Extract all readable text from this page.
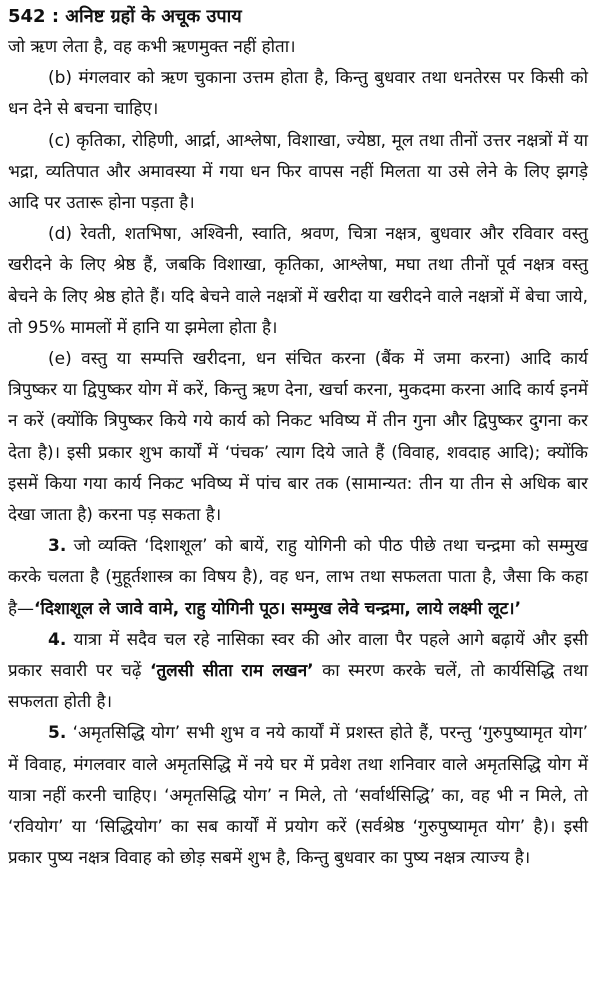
542 : अनिष्ट ग्रहों के अचूक उपाय

जो ऋण लेता है, वह कभी ऋणमुक्त नहीं होता।

(b) मंगलवार को ऋण चुकाना उत्तम होता है, किन्तु बुधवार तथा धनतेरस पर किसी को धन देने से बचना चाहिए।

(c) कृतिका, रोहिणी, आर्द्रा, आश्लेषा, विशाखा, ज्येष्ठा, मूल तथा तीनों उत्तर नक्षत्रों में या भद्रा, व्यतिपात और अमावस्या में गया धन फिर वापस नहीं मिलता या उसे लेने के लिए झगड़े आदि पर उतारू होना पड़ता है।

(d) रेवती, शतभिषा, अश्विनी, स्वाति, श्रवण, चित्रा नक्षत्र, बुधवार और रविवार वस्तु खरीदने के लिए श्रेष्ठ हैं, जबकि विशाखा, कृतिका, आश्लेषा, मघा तथा तीनों पूर्व नक्षत्र वस्तु बेचने के लिए श्रेष्ठ होते हैं। यदि बेचने वाले नक्षत्रों में खरीदा या खरीदने वाले नक्षत्रों में बेचा जाये, तो 95% मामलों में हानि या झमेला होता है।

(e) वस्तु या सम्पत्ति खरीदना, धन संचित करना (बैंक में जमा करना) आदि कार्य त्रिपुष्कर या द्विपुष्कर योग में करें, किन्तु ऋण देना, खर्चा करना, मुकदमा करना आदि कार्य इनमें न करें (क्योंकि त्रिपुष्कर किये गये कार्य को निकट भविष्य में तीन गुना और द्विपुष्कर दुगना कर देता है)। इसी प्रकार शुभ कार्यों में ‘पंचक’ त्याग दिये जाते हैं (विवाह, शवदाह आदि); क्योंकि इसमें किया गया कार्य निकट भविष्य में पांच बार तक (सामान्यत: तीन या तीन से अधिक बार देखा जाता है) करना पड़ सकता है।

3. जो व्यक्ति ‘दिशाशूल’ को बायें, राहु योगिनी को पीठ पीछे तथा चन्द्रमा को सम्मुख करके चलता है (मुहूर्तशास्त्र का विषय है), वह धन, लाभ तथा सफलता पाता है, जैसा कि कहा है—‘दिशाशूल ले जावे वामे, राहु योगिनी पूठ। सम्मुख लेवे चन्द्रमा, लाये लक्ष्मी लूट।’

4. यात्रा में सदैव चल रहे नासिका स्वर की ओर वाला पैर पहले आगे बढ़ायें और इसी प्रकार सवारी पर चढ़ें ‘तुलसी सीता राम लखन’ का स्मरण करके चलें, तो कार्यसिद्धि तथा सफलता होती है।

5. ‘अमृतसिद्धि योग’ सभी शुभ व नये कार्यों में प्रशस्त होते हैं, परन्तु ‘गुरुपुष्यामृत योग’ में विवाह, मंगलवार वाले अमृतसिद्धि में नये घर में प्रवेश तथा शनिवार वाले अमृतसिद्धि योग में यात्रा नहीं करनी चाहिए। ‘अमृतसिद्धि योग’ न मिले, तो ‘सर्वार्थसिद्धि’ का, वह भी न मिले, तो ‘रवियोग’ या ‘सिद्धियोग’ का सब कार्यों में प्रयोग करें (सर्वश्रेष्ठ ‘गुरुपुष्यामृत योग’ है)। इसी प्रकार पुष्य नक्षत्र विवाह को छोड़ सबमें शुभ है, किन्तु बुधवार का पुष्य नक्षत्र त्याज्य है।
